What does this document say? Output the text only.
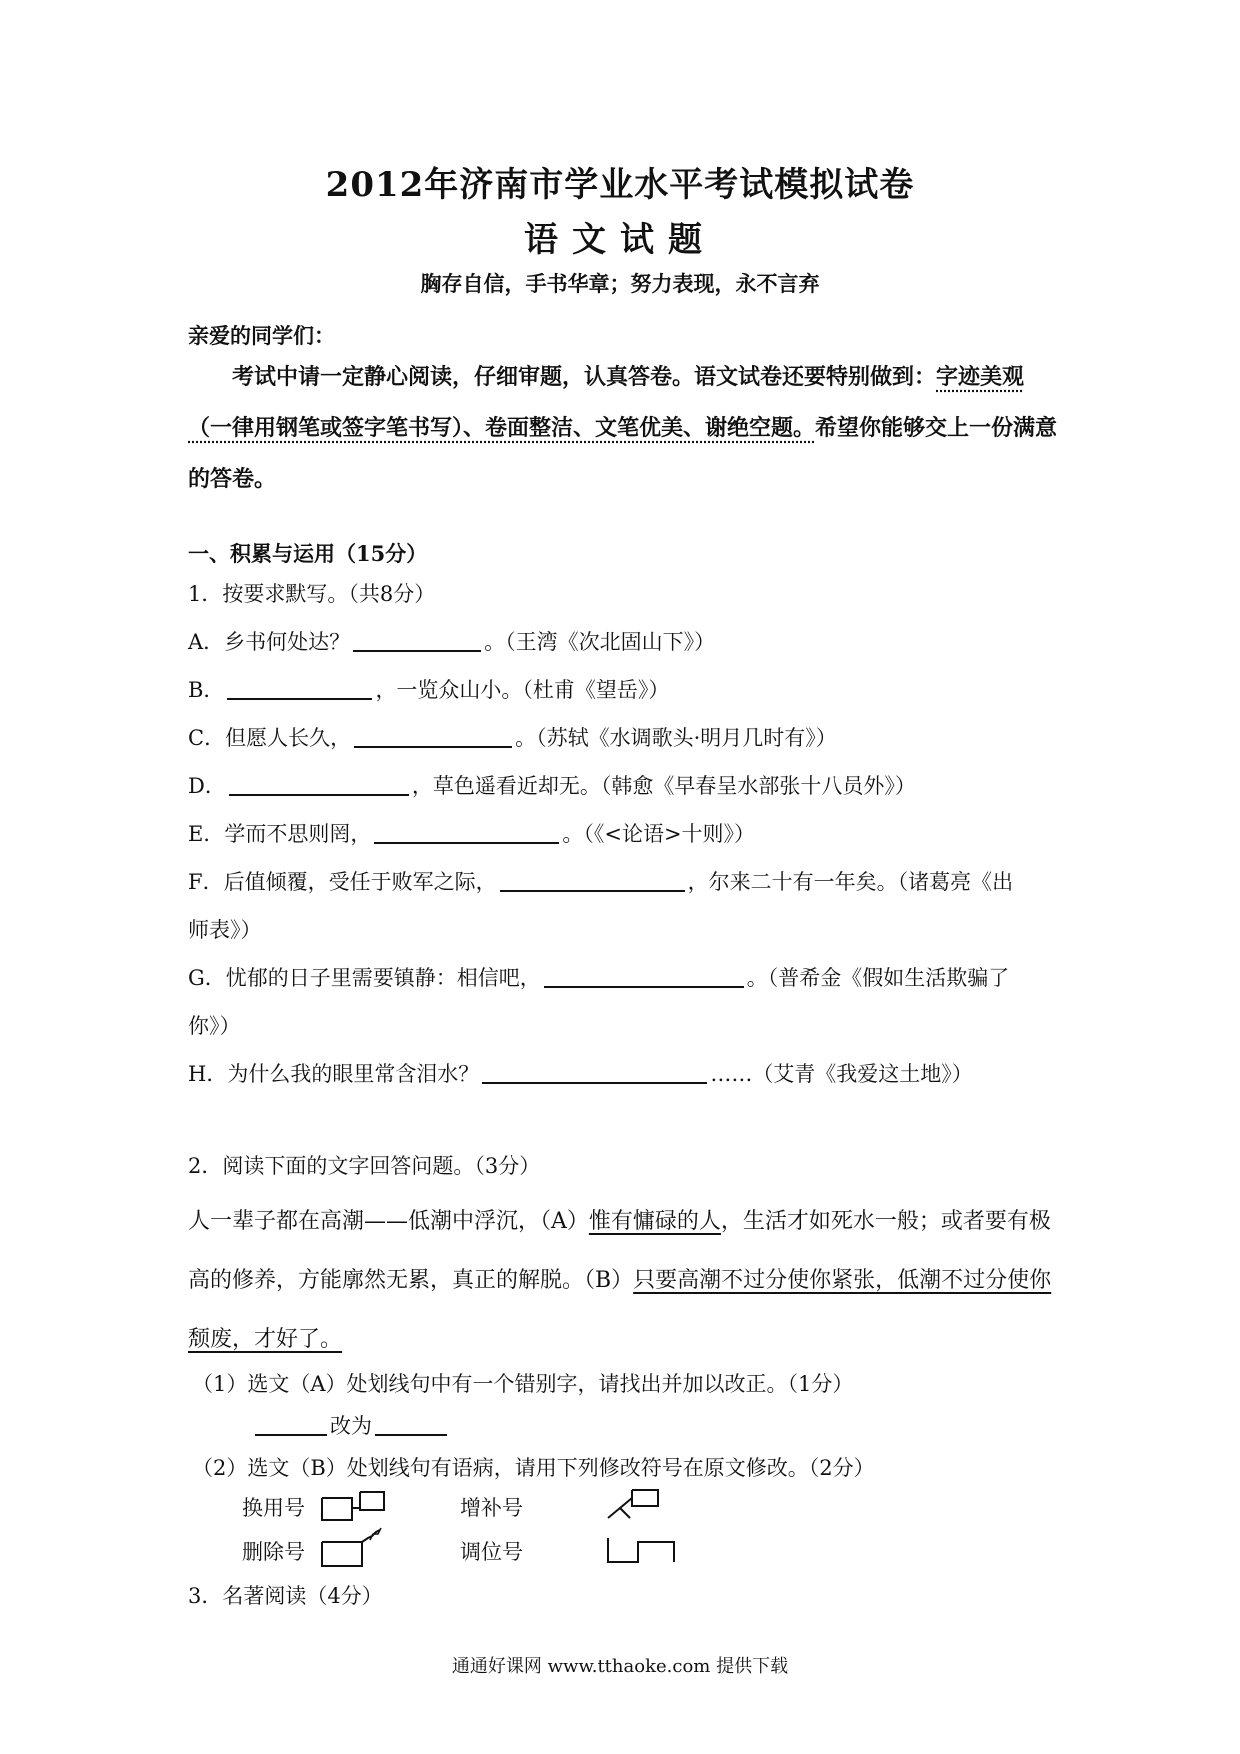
2012年济南市学业水平考试模拟试卷
语文试题
胸存自信，手书华章；努力表现，永不言弃
亲爱的同学们：
考试中请一定静心阅读，仔细审题，认真答卷。语文试卷还要特别做到：字迹美观（一律用钢笔或签字笔书写）、卷面整洁、文笔优美、谢绝空题。希望你能够交上一份满意的答卷。
一、积累与运用（15分）
1．按要求默写。（共8分）
A．乡书何处达？	。（王湾《次北固山下》）
B．	，一览众山小。（杜甫《望岳》）
C．但愿人长久，	。（苏轼《水调歌头·明月几时有》）
D．	，草色遥看近却无。（韩愈《早春呈水部张十八员外》）
E．学而不思则罔，	。（《<论语>十则》）
F．后值倾覆，受任于败军之际，	，尔来二十有一年矣。（诸葛亮《出
师表》）
G．忧郁的日子里需要镇静：相信吧，	。（普希金《假如生活欺骗了
你》）
H．为什么我的眼里常含泪水？	……（艾青《我爱这土地》）
2．阅读下面的文字回答问题。（3分）
人一辈子都在高潮——低潮中浮沉，（A）惟有慵碌的人，生活才如死水一般；或者要有极高的修养，方能廓然无累，真正的解脱。（B）只要高潮不过分使你紧张，低潮不过分使你颓废，才好了。
（1）选文（A）处划线句中有一个错别字，请找出并加以改正。（1分）
改为
（2）选文（B）处划线句有语病，请用下列修改符号在原文修改。（2分）
换用号	增补号
删除号	调位号
3．名著阅读（4分）
通通好课网 www.tthaoke.com 提供下载
